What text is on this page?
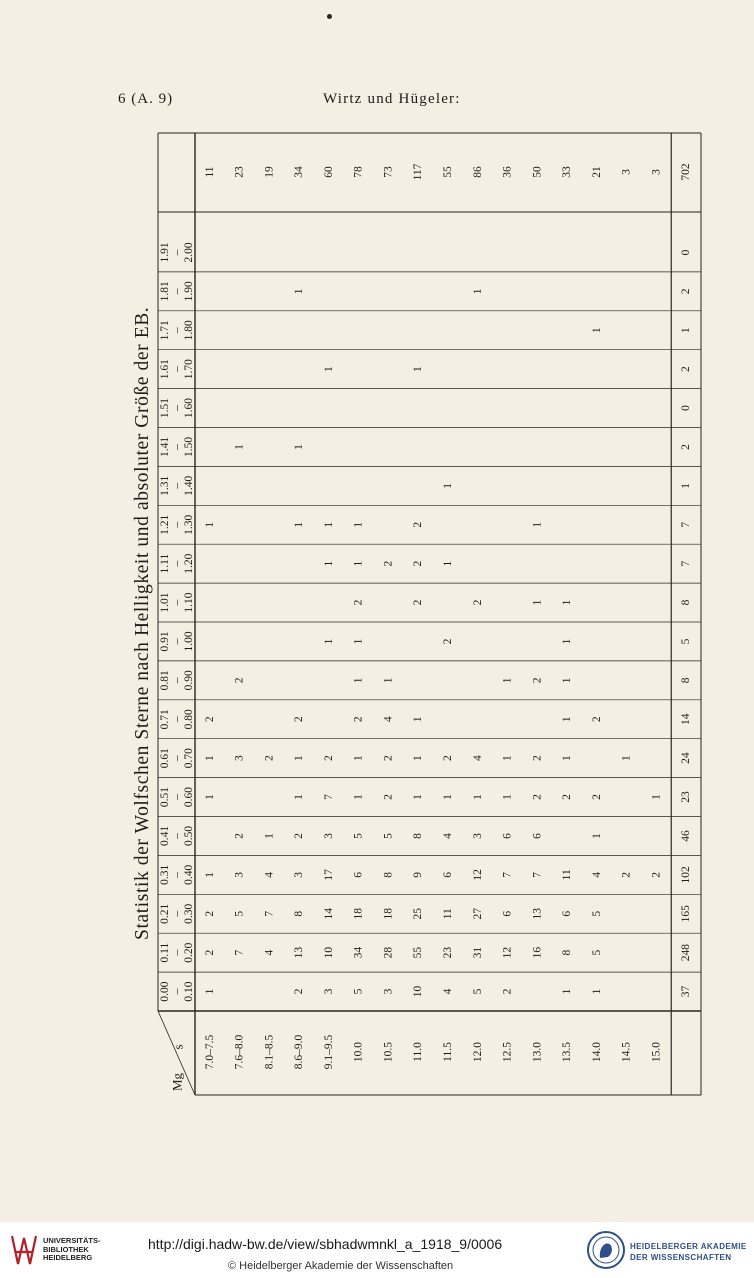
6 (A. 9)	Wirtz und Hügeler:
Statistik der Wolfschen Sterne nach Helligkeit und absoluter Größe der EB.
s
Mg
0.00 – 0.10
0.11 – 0.20
0.21 – 0.30
0.31 – 0.40
0.41 – 0.50
0.51 – 0.60
0.61 – 0.70
0.71 – 0.80
0.81 – 0.90
0.91 – 1.00
1.01 – 1.10
1.11 – 1.20
1.21 – 1.30
1.31 – 1.40
1.41 – 1.50
1.51 – 1.60
1.61 – 1.70
1.71 – 1.80
1.81 – 1.90
1.91 – 2.00
7.0–7.5
1
2
2
1
1
1
2
1
11
7.6–8.0
7
5
3
2
3
2
1
23
8.1–8.5
4
7
4
1
2
19
8.6–9.0
2
13
8
3
2
1
1
2
1
1
1
34
9.1–9.5
3
10
14
17
3
7
2
1
1
1
1
60
10.0
5
34
18
6
5
1
1
2
1
1
2
1
1
78
10.5
3
28
18
8
5
2
2
4
1
2
73
11.0
10
55
25
9
8
1
1
1
2
2
2
1
117
11.5
4
23
11
6
4
1
2
2
1
1
55
12.0
5
31
27
12
3
1
4
2
1
86
12.5
2
12
6
7
6
1
1
1
36
13.0
16
13
7
6
2
2
2
1
1
50
13.5
1
8
6
11
2
1
1
1
1
1
33
14.0
1
5
5
4
1
2
2
1
21
14.5
2
1
3
15.0
2
1
3
37
248
165
102
46
23
24
14
8
5
8
7
7
1
2
0
2
1
2
0
702
UNIVERSITÄTS-
BIBLIOTHEK
HEIDELBERG
http://digi.hadw-bw.de/view/sbhadwmnkl_a_1918_9/0006
© Heidelberger Akademie der Wissenschaften
HEIDELBERGER AKADEMIE
DER WISSENSCHAFTEN
